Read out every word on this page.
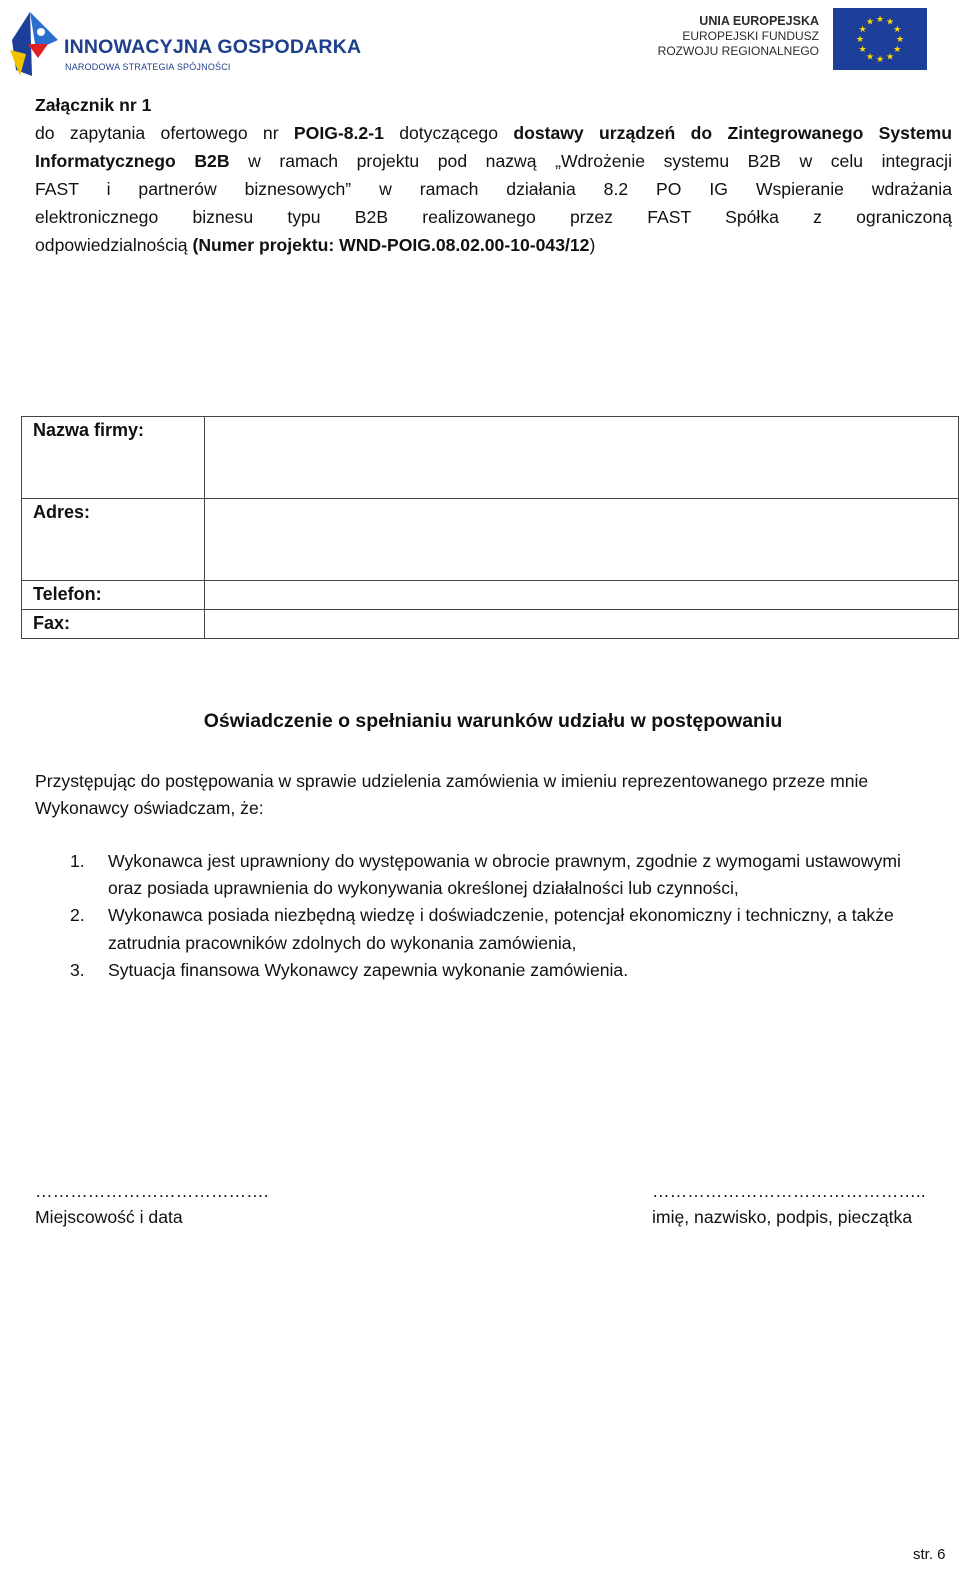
INNOWACYJNA GOSPODARKA
NARODOWA STRATEGIA SPÓJNOŚCI
UNIA EUROPEJSKA
EUROPEJSKI FUNDUSZ
ROZWOJU REGIONALNEGO
★ ★
★
★
★
★
★
★
★
★
★
★
Załącznik nr 1
do zapytania ofertowego nr POIG-8.2-1 dotyczącego dostawy urządzeń do Zintegrowanego Systemu
Informatycznego B2B w ramach projektu pod nazwą „Wdrożenie systemu B2B w celu integracji
FAST i partnerów biznesowych” w ramach działania 8.2 PO IG Wspieranie wdrażania
elektronicznego biznesu typu B2B realizowanego przez FAST Spółka z ograniczoną
odpowiedzialnością (Numer projektu: WND-POIG.08.02.00-10-043/12)
Nazwa firmy:	
Adres:	
Telefon:	
Fax:	
Oświadczenie o spełnianiu warunków udziału w postępowaniu
Przystępując do postępowania w sprawie udzielenia zamówienia w imieniu reprezentowanego przeze mnie Wykonawcy oświadczam, że:
1. Wykonawca jest uprawniony do występowania w obrocie prawnym, zgodnie z wymogami ustawowymi oraz posiada uprawnienia do wykonywania określonej działalności lub czynności,
2. Wykonawca posiada niezbędną wiedzę i doświadczenie, potencjał ekonomiczny i techniczny, a także zatrudnia pracowników zdolnych do wykonania zamówienia,
3. Sytuacja finansowa Wykonawcy zapewnia wykonanie zamówienia.
………………………………….
Miejscowość i data
………………………………………..
imię, nazwisko, podpis, pieczątka
str. 6
